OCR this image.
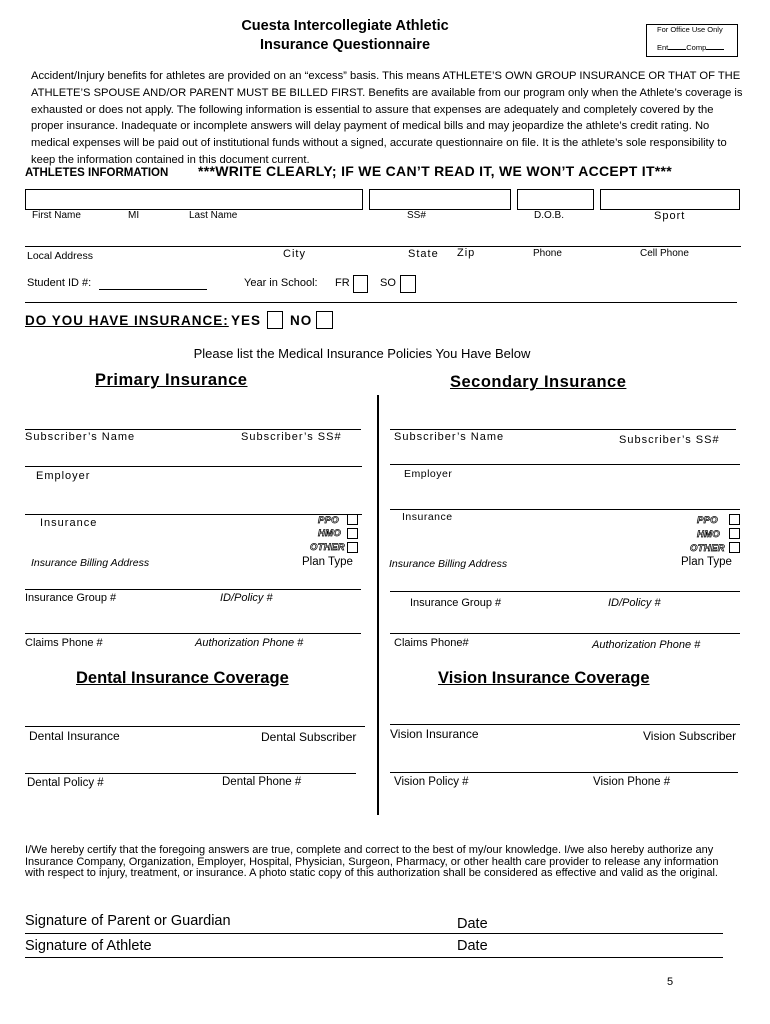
Cuesta Intercollegiate Athletic
Insurance Questionnaire
For Office Use Only
Ent Comp
Accident/Injury benefits for athletes are provided on an “excess” basis. This means ATHLETE’S OWN GROUP INSURANCE OR THAT OF THE ATHLETE’S SPOUSE AND/OR PARENT MUST BE BILLED FIRST. Benefits are available from our program only when the Athlete’s coverage is exhausted or does not apply. The following information is essential to assure that expenses are adequately and completely covered by the proper insurance. Inadequate or incomplete answers will delay payment of medical bills and may jeopardize the athlete’s credit rating. No medical expenses will be paid out of institutional funds without a signed, accurate questionnaire on file. It is the athlete’s sole responsibility to keep the information contained in this document current.
ATHLETES INFORMATION ***WRITE CLEARLY; IF WE CAN’T READ IT, WE WON’T ACCEPT IT***
First Name	MI	Last Name	SS#	D.O.B.	Sport
Local Address	City	State Zip	Phone	Cell Phone
Student ID #:	Year in School: FR	SO
DO YOU HAVE INSURANCE: YES NO
Please list the Medical Insurance Policies You Have Below
Primary Insurance	Secondary Insurance
Subscriber’s Name	Subscriber’s SS#
Employer
Insurance	PPO
HMO
OTHER
Insurance Billing Address	Plan Type
Insurance Group #	ID/Policy #
Claims Phone #	Authorization Phone #
Subscriber’s Name	Subscriber’s SS#
Employer
Insurance	PPO
HMO
OTHER
Insurance Billing Address	Plan Type
Insurance Group #	ID/Policy #
Claims Phone#	Authorization Phone #
Dental Insurance Coverage	Vision Insurance Coverage
Dental Insurance	Dental Subscriber
Dental Policy #	Dental Phone #
Vision Insurance	Vision Subscriber
Vision Policy #	Vision Phone #
I/We hereby certify that the foregoing answers are true, complete and correct to the best of my/our knowledge. I/we also hereby authorize any Insurance Company, Organization, Employer, Hospital, Physician, Surgeon, Pharmacy, or other health care provider to release any information with respect to injury, treatment, or insurance. A photo static copy of this authorization shall be considered as effective and valid as the original.
Signature of Parent or Guardian	Date
Signature of Athlete	Date
5
